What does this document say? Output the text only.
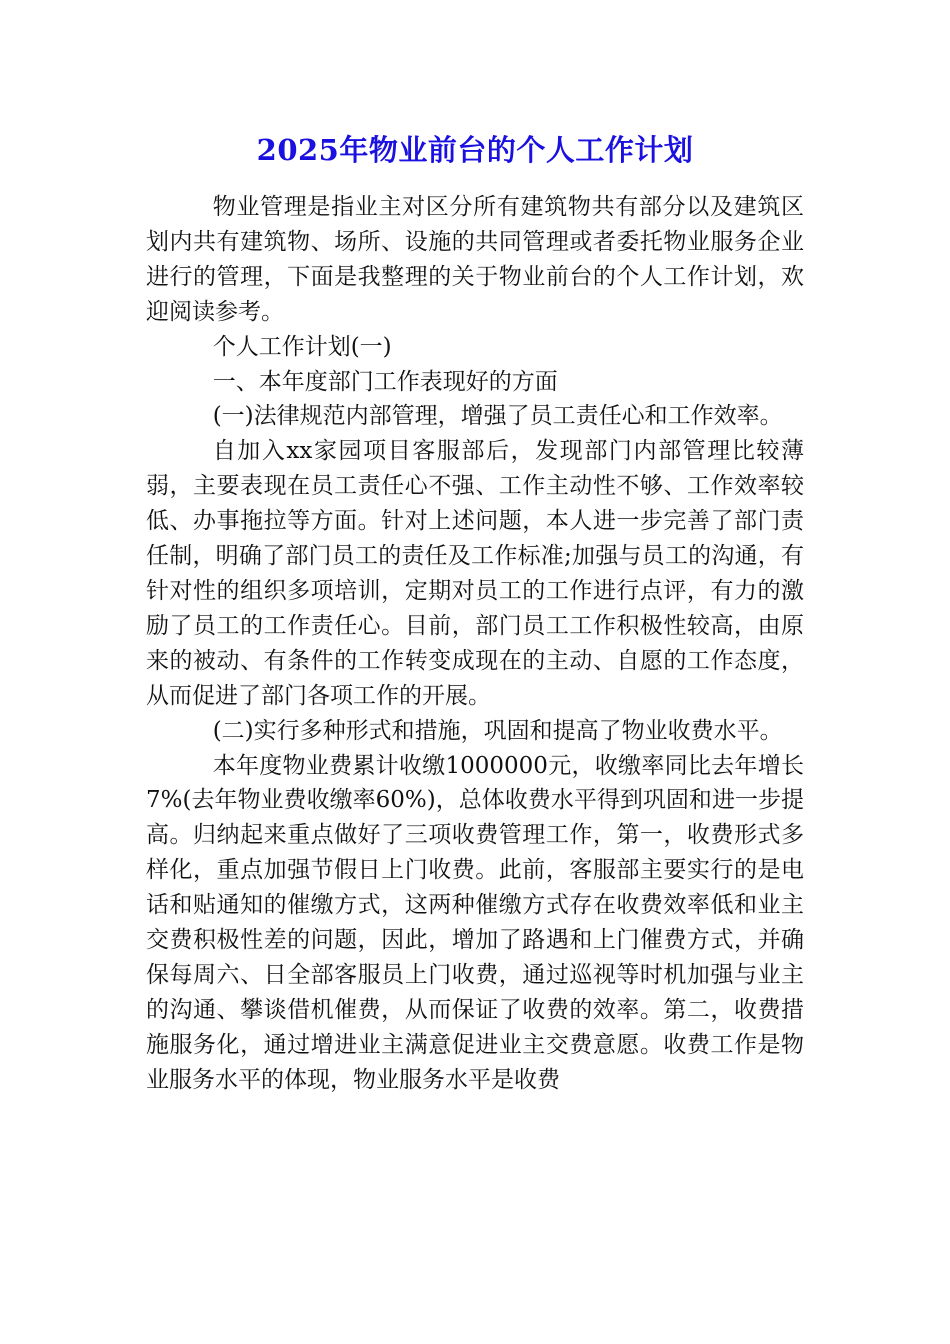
2025年物业前台的个人工作计划

物业管理是指业主对区分所有建筑物共有部分以及建筑区划内共有建筑物、场所、设施的共同管理或者委托物业服务企业进行的管理，下面是我整理的关于物业前台的个人工作计划，欢迎阅读参考。

个人工作计划(一)

一、本年度部门工作表现好的方面

(一)法律规范内部管理，增强了员工责任心和工作效率。

自加入xx家园项目客服部后，发现部门内部管理比较薄弱，主要表现在员工责任心不强、工作主动性不够、工作效率较低、办事拖拉等方面。针对上述问题，本人进一步完善了部门责任制，明确了部门员工的责任及工作标准;加强与员工的沟通，有针对性的组织多项培训，定期对员工的工作进行点评，有力的激励了员工的工作责任心。目前，部门员工工作积极性较高，由原来的被动、有条件的工作转变成现在的主动、自愿的工作态度，从而促进了部门各项工作的开展。

(二)实行多种形式和措施，巩固和提高了物业收费水平。

本年度物业费累计收缴1000000元，收缴率同比去年增长7%(去年物业费收缴率60%)，总体收费水平得到巩固和进一步提高。归纳起来重点做好了三项收费管理工作，第一，收费形式多样化，重点加强节假日上门收费。此前，客服部主要实行的是电话和贴通知的催缴方式，这两种催缴方式存在收费效率低和业主交费积极性差的问题，因此，增加了路遇和上门催费方式，并确保每周六、日全部客服员上门收费，通过巡视等时机加强与业主的沟通、攀谈借机催费，从而保证了收费的效率。第二，收费措施服务化，通过增进业主满意促进业主交费意愿。收费工作是物业服务水平的体现，物业服务水平是收费
